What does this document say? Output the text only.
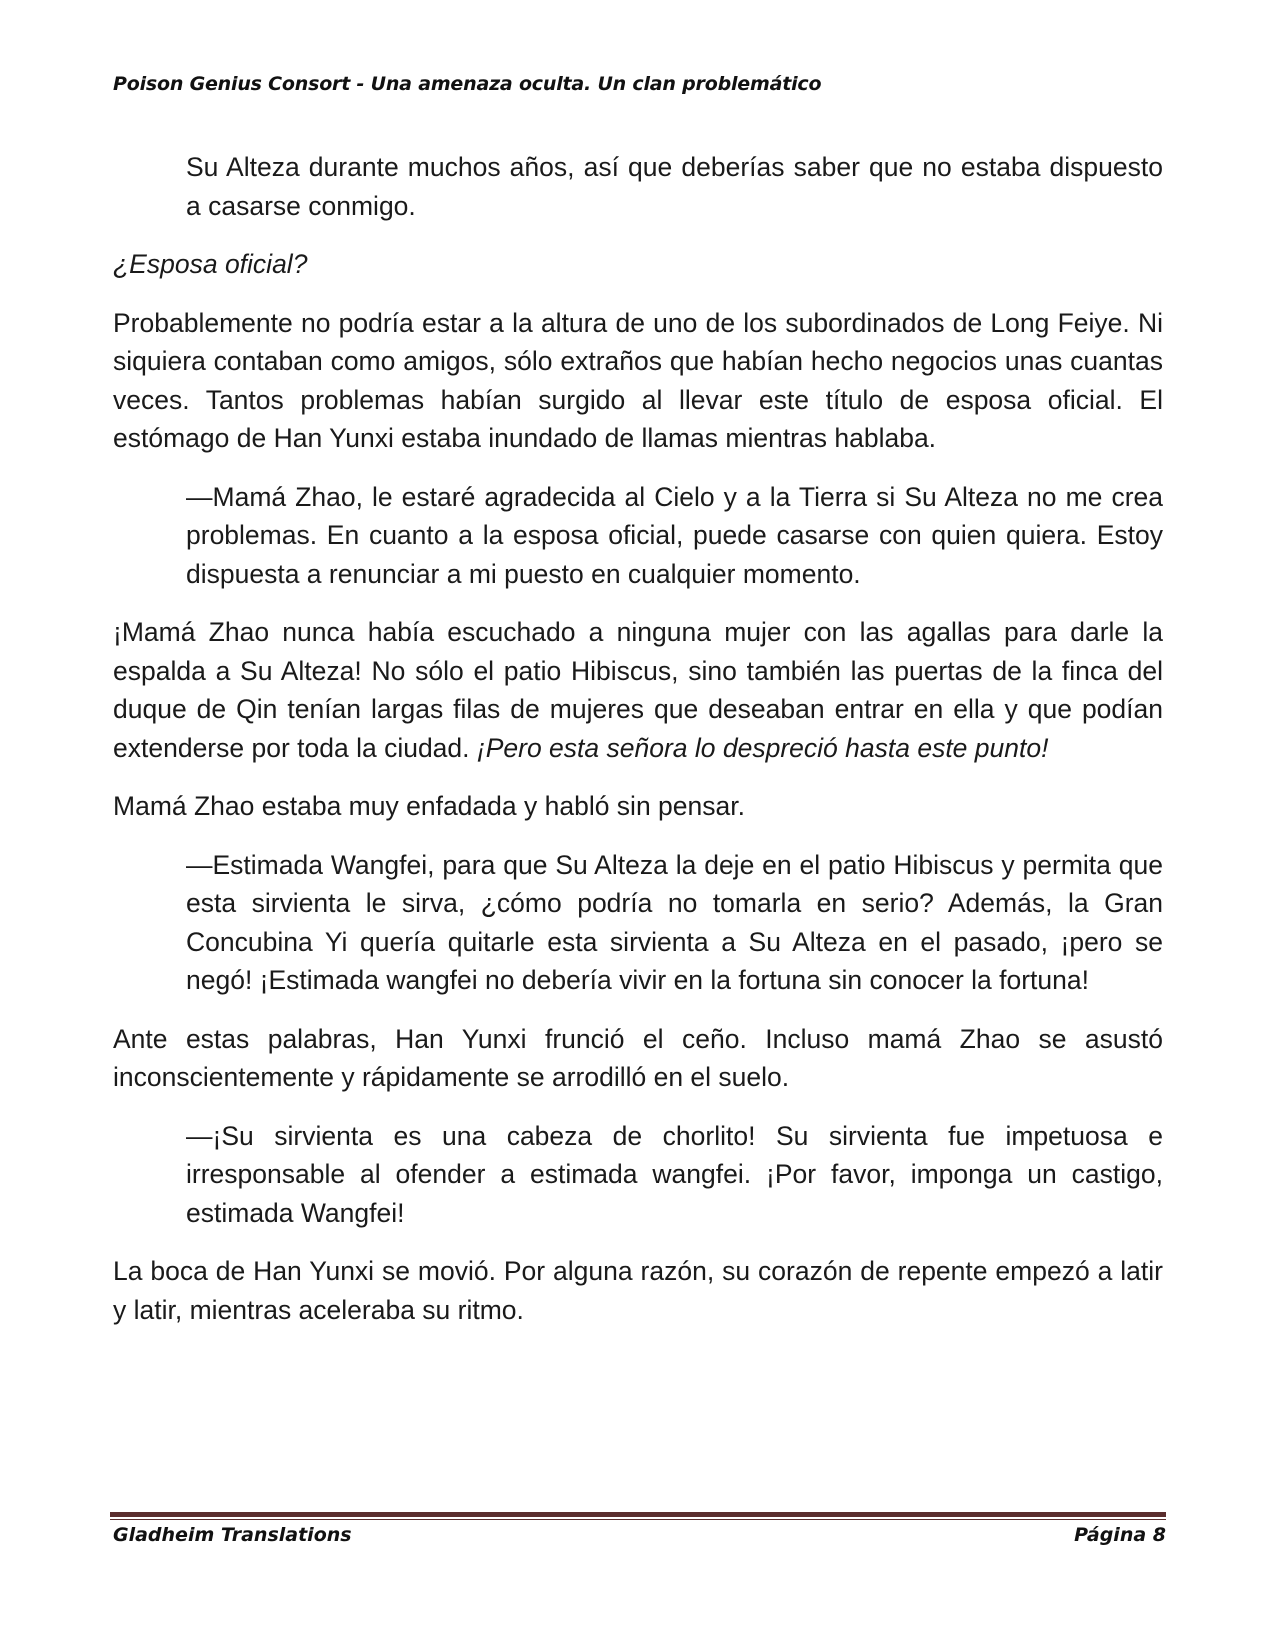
Poison Genius Consort - Una amenaza oculta. Un clan problemático

Su Alteza durante muchos años, así que deberías saber que no estaba dispuesto a casarse conmigo.

¿Esposa oficial?

Probablemente no podría estar a la altura de uno de los subordinados de Long Feiye. Ni siquiera contaban como amigos, sólo extraños que habían hecho negocios unas cuantas veces. Tantos problemas habían surgido al llevar este título de esposa oficial. El estómago de Han Yunxi estaba inundado de llamas mientras hablaba.

—Mamá Zhao, le estaré agradecida al Cielo y a la Tierra si Su Alteza no me crea problemas. En cuanto a la esposa oficial, puede casarse con quien quiera. Estoy dispuesta a renunciar a mi puesto en cualquier momento.

¡Mamá Zhao nunca había escuchado a ninguna mujer con las agallas para darle la espalda a Su Alteza! No sólo el patio Hibiscus, sino también las puertas de la finca del duque de Qin tenían largas filas de mujeres que deseaban entrar en ella y que podían extenderse por toda la ciudad. ¡Pero esta señora lo despreció hasta este punto!

Mamá Zhao estaba muy enfadada y habló sin pensar.

—Estimada Wangfei, para que Su Alteza la deje en el patio Hibiscus y permita que esta sirvienta le sirva, ¿cómo podría no tomarla en serio? Además, la Gran Concubina Yi quería quitarle esta sirvienta a Su Alteza en el pasado, ¡pero se negó! ¡Estimada wangfei no debería vivir en la fortuna sin conocer la fortuna!

Ante estas palabras, Han Yunxi frunció el ceño. Incluso mamá Zhao se asustó inconscientemente y rápidamente se arrodilló en el suelo.

—¡Su sirvienta es una cabeza de chorlito! Su sirvienta fue impetuosa e irresponsable al ofender a estimada wangfei. ¡Por favor, imponga un castigo, estimada Wangfei!

La boca de Han Yunxi se movió. Por alguna razón, su corazón de repente empezó a latir y latir, mientras aceleraba su ritmo.

Gladheim Translations	Página 8
